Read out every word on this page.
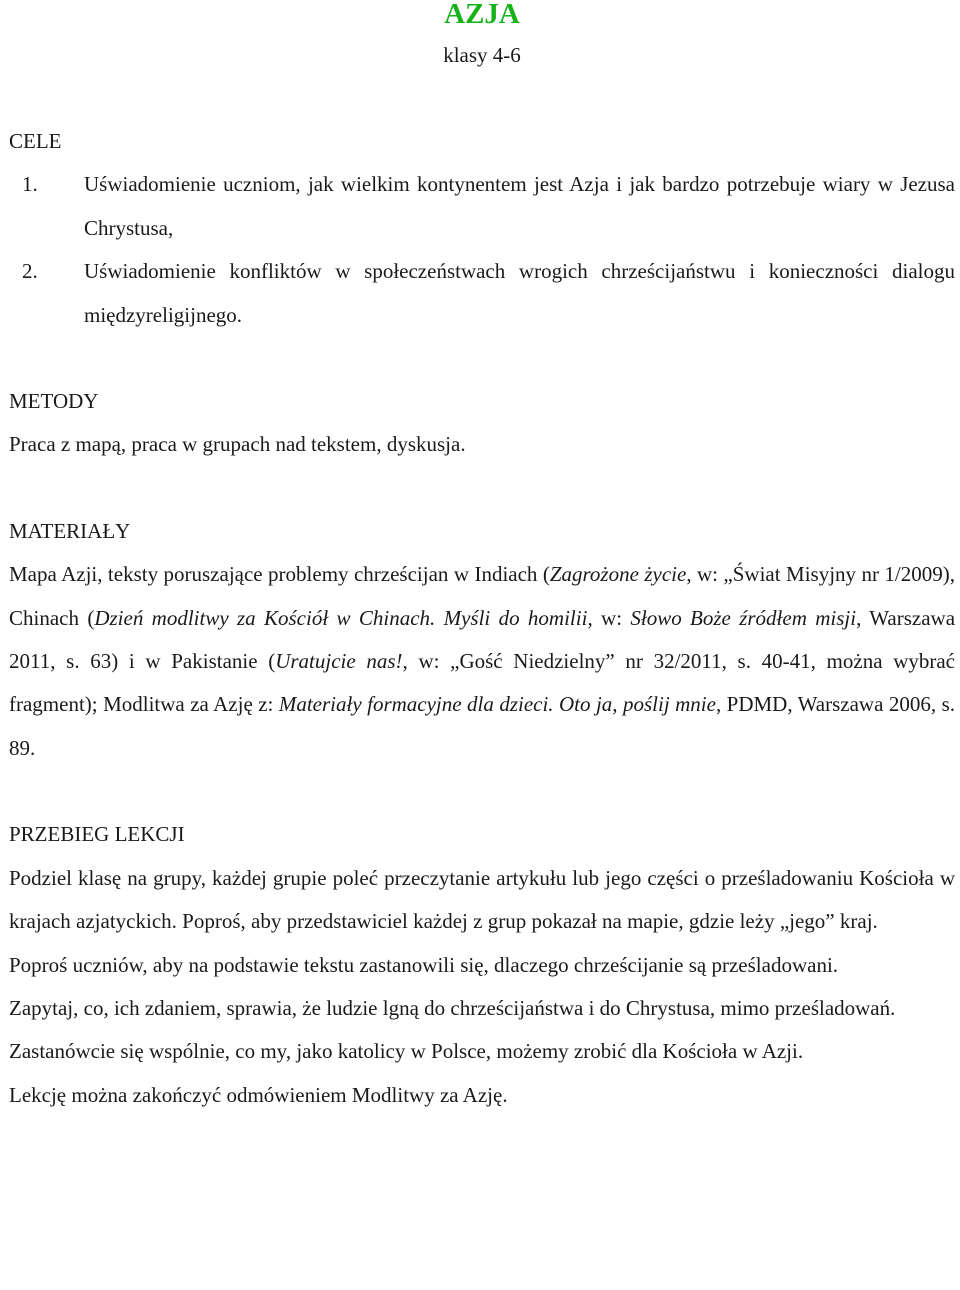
AZJA
klasy 4-6
CELE
1.	Uświadomienie uczniom, jak wielkim kontynentem jest Azja i jak bardzo potrzebuje wiary w Jezusa Chrystusa,
2.	Uświadomienie konfliktów w społeczeństwach wrogich chrześcijaństwu i konieczności dialogu międzyreligijnego.
METODY
Praca z mapą, praca w grupach nad tekstem, dyskusja.
MATERIAŁY
Mapa Azji, teksty poruszające problemy chrześcijan w Indiach (Zagrożone życie, w: „Świat Misyjny nr 1/2009), Chinach (Dzień modlitwy za Kościół w Chinach. Myśli do homilii, w: Słowo Boże źródłem misji, Warszawa 2011, s. 63) i w Pakistanie (Uratujcie nas!, w: „Gość Niedzielny” nr 32/2011, s. 40-41, można wybrać fragment); Modlitwa za Azję z: Materiały formacyjne dla dzieci. Oto ja, poślij mnie, PDMD, Warszawa 2006, s. 89.
PRZEBIEG LEKCJI
Podziel klasę na grupy, każdej grupie poleć przeczytanie artykułu lub jego części o prześladowaniu Kościoła w krajach azjatyckich. Poproś, aby przedstawiciel każdej z grup pokazał na mapie, gdzie leży „jego” kraj.
Poproś uczniów, aby na podstawie tekstu zastanowili się, dlaczego chrześcijanie są prześladowani.
Zapytaj, co, ich zdaniem, sprawia, że ludzie lgną do chrześcijaństwa i do Chrystusa, mimo prześladowań.
Zastanówcie się wspólnie, co my, jako katolicy w Polsce, możemy zrobić dla Kościoła w Azji.
Lekcję można zakończyć odmówieniem Modlitwy za Azję.
